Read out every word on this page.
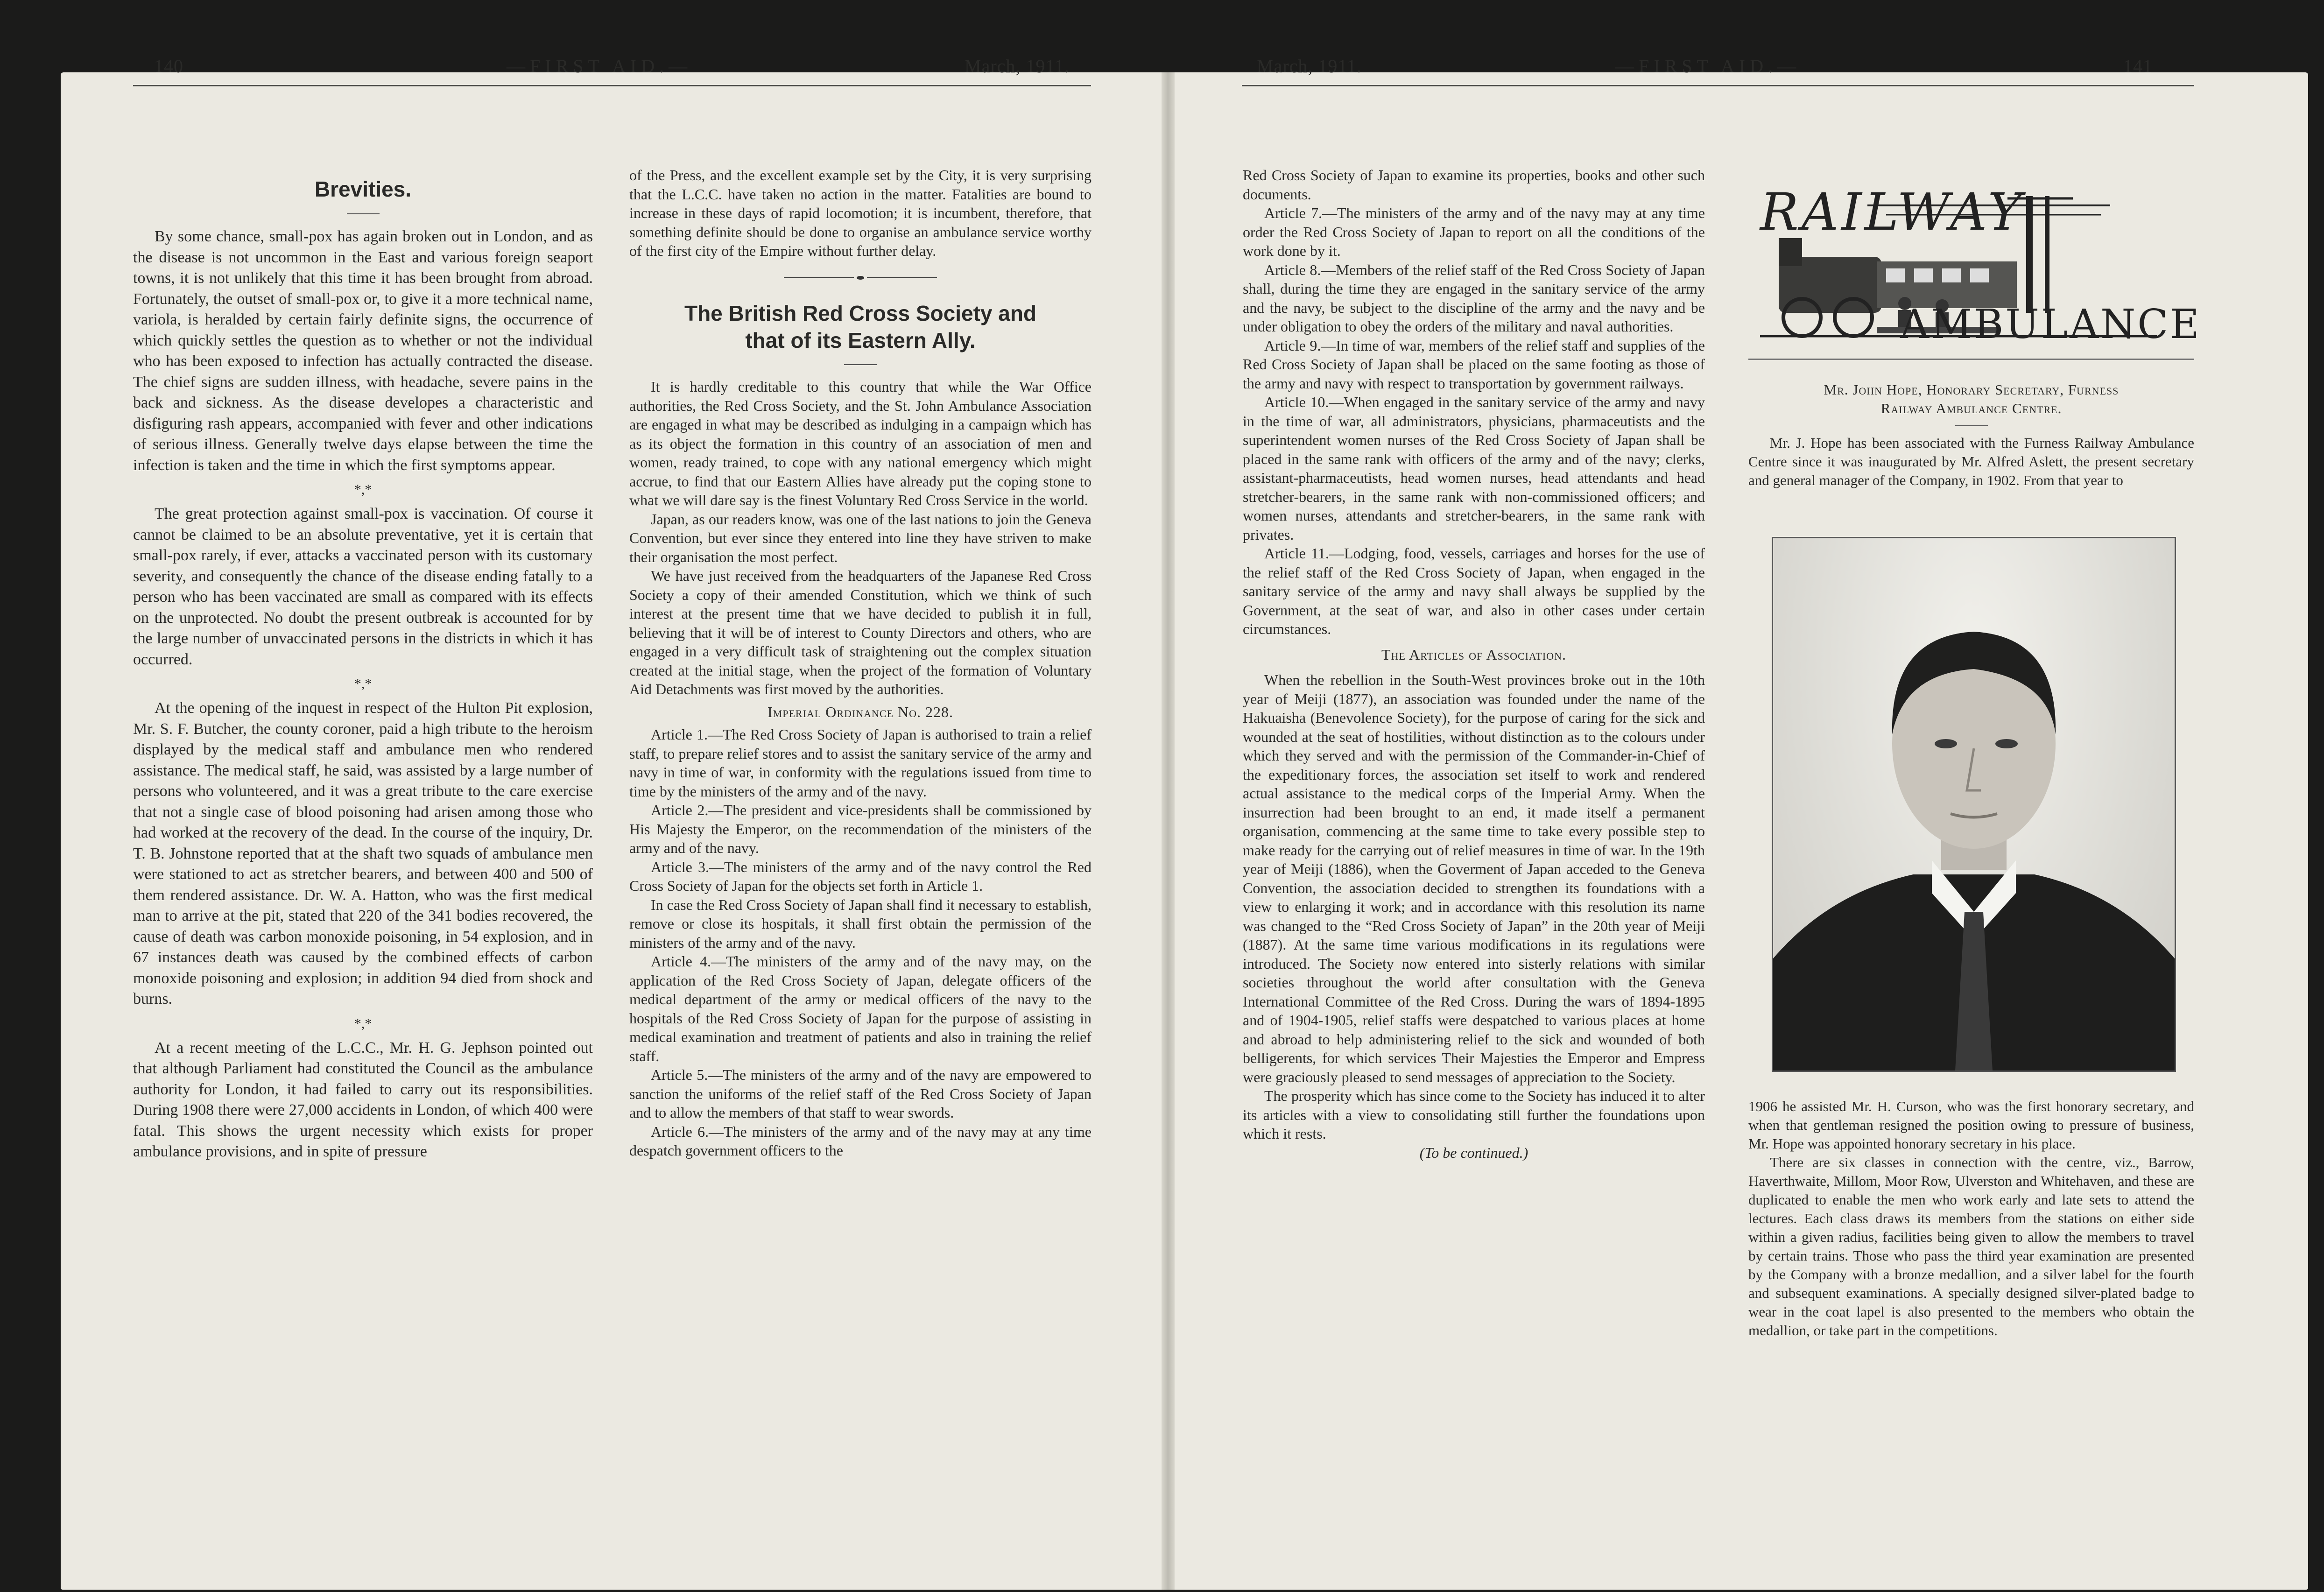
140	—FIRST AID.—	March, 1911.	March, 1911.	—FIRST AID.—	141
Brevities.

By some chance, small-pox has again broken out in London, and as the disease is not uncommon in the East and various foreign seaport towns, it is not unlikely that this time it has been brought from abroad. Fortunately, the outset of small-pox or, to give it a more technical name, variola, is heralded by certain fairly definite signs, the occurrence of which quickly settles the question as to whether or not the individual who has been exposed to infection has actually contracted the disease. The chief signs are sudden illness, with headache, severe pains in the back and sickness. As the disease developes a characteristic and disfiguring rash appears, accompanied with fever and other indications of serious illness. Generally twelve days elapse between the time the infection is taken and the time in which the first symptoms appear.

*,*

The great protection against small-pox is vaccination. Of course it cannot be claimed to be an absolute preventative, yet it is certain that small-pox rarely, if ever, attacks a vaccinated person with its customary severity, and consequently the chance of the disease ending fatally to a person who has been vaccinated are small as compared with its effects on the unprotected. No doubt the present outbreak is accounted for by the large number of unvaccinated persons in the districts in which it has occurred.

*,*

At the opening of the inquest in respect of the Hulton Pit explosion, Mr. S. F. Butcher, the county coroner, paid a high tribute to the heroism displayed by the medical staff and ambulance men who rendered assistance. The medical staff, he said, was assisted by a large number of persons who volunteered, and it was a great tribute to the care exercise that not a single case of blood poisoning had arisen among those who had worked at the recovery of the dead. In the course of the inquiry, Dr. T. B. Johnstone reported that at the shaft two squads of ambulance men were stationed to act as stretcher bearers, and between 400 and 500 of them rendered assistance. Dr. W. A. Hatton, who was the first medical man to arrive at the pit, stated that 220 of the 341 bodies recovered, the cause of death was carbon monoxide poisoning, in 54 explosion, and in 67 instances death was caused by the combined effects of carbon monoxide poisoning and explosion; in addition 94 died from shock and burns.

*,*

At a recent meeting of the L.C.C., Mr. H. G. Jephson pointed out that although Parliament had constituted the Council as the ambulance authority for London, it had failed to carry out its responsibilities. During 1908 there were 27,000 accidents in London, of which 400 were fatal. This shows the urgent necessity which exists for proper ambulance provisions, and in spite of pressure

of the Press, and the excellent example set by the City, it is very surprising that the L.C.C. have taken no action in the matter. Fatalities are bound to increase in these days of rapid locomotion; it is incumbent, therefore, that something definite should be done to organise an ambulance service worthy of the first city of the Empire without further delay.

The British Red Cross Society and
that of its Eastern Ally.

It is hardly creditable to this country that while the War Office authorities, the Red Cross Society, and the St. John Ambulance Association are engaged in what may be described as indulging in a campaign which has as its object the formation in this country of an association of men and women, ready trained, to cope with any national emergency which might accrue, to find that our Eastern Allies have already put the coping stone to what we will dare say is the finest Voluntary Red Cross Service in the world.

Japan, as our readers know, was one of the last nations to join the Geneva Convention, but ever since they entered into line they have striven to make their organisation the most perfect.

We have just received from the headquarters of the Japanese Red Cross Society a copy of their amended Constitution, which we think of such interest at the present time that we have decided to publish it in full, believing that it will be of interest to County Directors and others, who are engaged in a very difficult task of straightening out the complex situation created at the initial stage, when the project of the formation of Voluntary Aid Detachments was first moved by the authorities.

Imperial Ordinance No. 228.

Article 1.—The Red Cross Society of Japan is authorised to train a relief staff, to prepare relief stores and to assist the sanitary service of the army and navy in time of war, in conformity with the regulations issued from time to time by the ministers of the army and of the navy.

Article 2.—The president and vice-presidents shall be commissioned by His Majesty the Emperor, on the recommendation of the ministers of the army and of the navy.

Article 3.—The ministers of the army and of the navy control the Red Cross Society of Japan for the objects set forth in Article 1.

In case the Red Cross Society of Japan shall find it necessary to establish, remove or close its hospitals, it shall first obtain the permission of the ministers of the army and of the navy.

Article 4.—The ministers of the army and of the navy may, on the application of the Red Cross Society of Japan, delegate officers of the medical department of the army or medical officers of the navy to the hospitals of the Red Cross Society of Japan for the purpose of assisting in medical examination and treatment of patients and also in training the relief staff.

Article 5.—The ministers of the army and of the navy are empowered to sanction the uniforms of the relief staff of the Red Cross Society of Japan and to allow the members of that staff to wear swords.

Article 6.—The ministers of the army and of the navy may at any time despatch government officers to the

Red Cross Society of Japan to examine its properties, books and other such documents.

Article 7.—The ministers of the army and of the navy may at any time order the Red Cross Society of Japan to report on all the conditions of the work done by it.

Article 8.—Members of the relief staff of the Red Cross Society of Japan shall, during the time they are engaged in the sanitary service of the army and the navy, be subject to the discipline of the army and the navy and be under obligation to obey the orders of the military and naval authorities.

Article 9.—In time of war, members of the relief staff and supplies of the Red Cross Society of Japan shall be placed on the same footing as those of the army and navy with respect to transportation by government railways.

Article 10.—When engaged in the sanitary service of the army and navy in the time of war, all administrators, physicians, pharmaceutists and the superintendent women nurses of the Red Cross Society of Japan shall be placed in the same rank with officers of the army and of the navy; clerks, assistant-pharmaceutists, head women nurses, head attendants and head stretcher-bearers, in the same rank with non-commissioned officers; and women nurses, attendants and stretcher-bearers, in the same rank with privates.

Article 11.—Lodging, food, vessels, carriages and horses for the use of the relief staff of the Red Cross Society of Japan, when engaged in the sanitary service of the army and navy shall always be supplied by the Government, at the seat of war, and also in other cases under certain circumstances.

The Articles of Association.

When the rebellion in the South-West provinces broke out in the 10th year of Meiji (1877), an association was founded under the name of the Hakuaisha (Benevolence Society), for the purpose of caring for the sick and wounded at the seat of hostilities, without distinction as to the colours under which they served and with the permission of the Commander-in-Chief of the expeditionary forces, the association set itself to work and rendered actual assistance to the medical corps of the Imperial Army. When the insurrection had been brought to an end, it made itself a permanent organisation, commencing at the same time to take every possible step to make ready for the carrying out of relief measures in time of war. In the 19th year of Meiji (1886), when the Goverment of Japan acceded to the Geneva Convention, the association decided to strengthen its foundations with a view to enlarging it work; and in accordance with this resolution its name was changed to the “Red Cross Society of Japan” in the 20th year of Meiji (1887). At the same time various modifications in its regulations were introduced. The Society now entered into sisterly relations with similar societies throughout the world after consultation with the Geneva International Committee of the Red Cross. During the wars of 1894-1895 and of 1904-1905, relief staffs were despatched to various places at home and abroad to help administering relief to the sick and wounded of both belligerents, for which services Their Majesties the Emperor and Empress were graciously pleased to send messages of appreciation to the Society.

The prosperity which has since come to the Society has induced it to alter its articles with a view to consolidating still further the foundations upon which it rests.

(To be continued.)

RAILWAY
AMBULANCE

Mr. John Hope, Honorary Secretary, Furness

Railway Ambulance Centre.

Mr. J. Hope has been associated with the Furness Railway Ambulance Centre since it was inaugurated by Mr. Alfred Aslett, the present secretary and general manager of the Company, in 1902. From that year to

1906 he assisted Mr. H. Curson, who was the first honorary secretary, and when that gentleman resigned the position owing to pressure of business, Mr. Hope was appointed honorary secretary in his place.

There are six classes in connection with the centre, viz., Barrow, Haverthwaite, Millom, Moor Row, Ulverston and Whitehaven, and these are duplicated to enable the men who work early and late sets to attend the lectures. Each class draws its members from the stations on either side within a given radius, facilities being given to allow the members to travel by certain trains. Those who pass the third year examination are presented by the Company with a bronze medallion, and a silver label for the fourth and subsequent examinations. A specially designed silver-plated badge to wear in the coat lapel is also presented to the members who obtain the medallion, or take part in the competitions.
